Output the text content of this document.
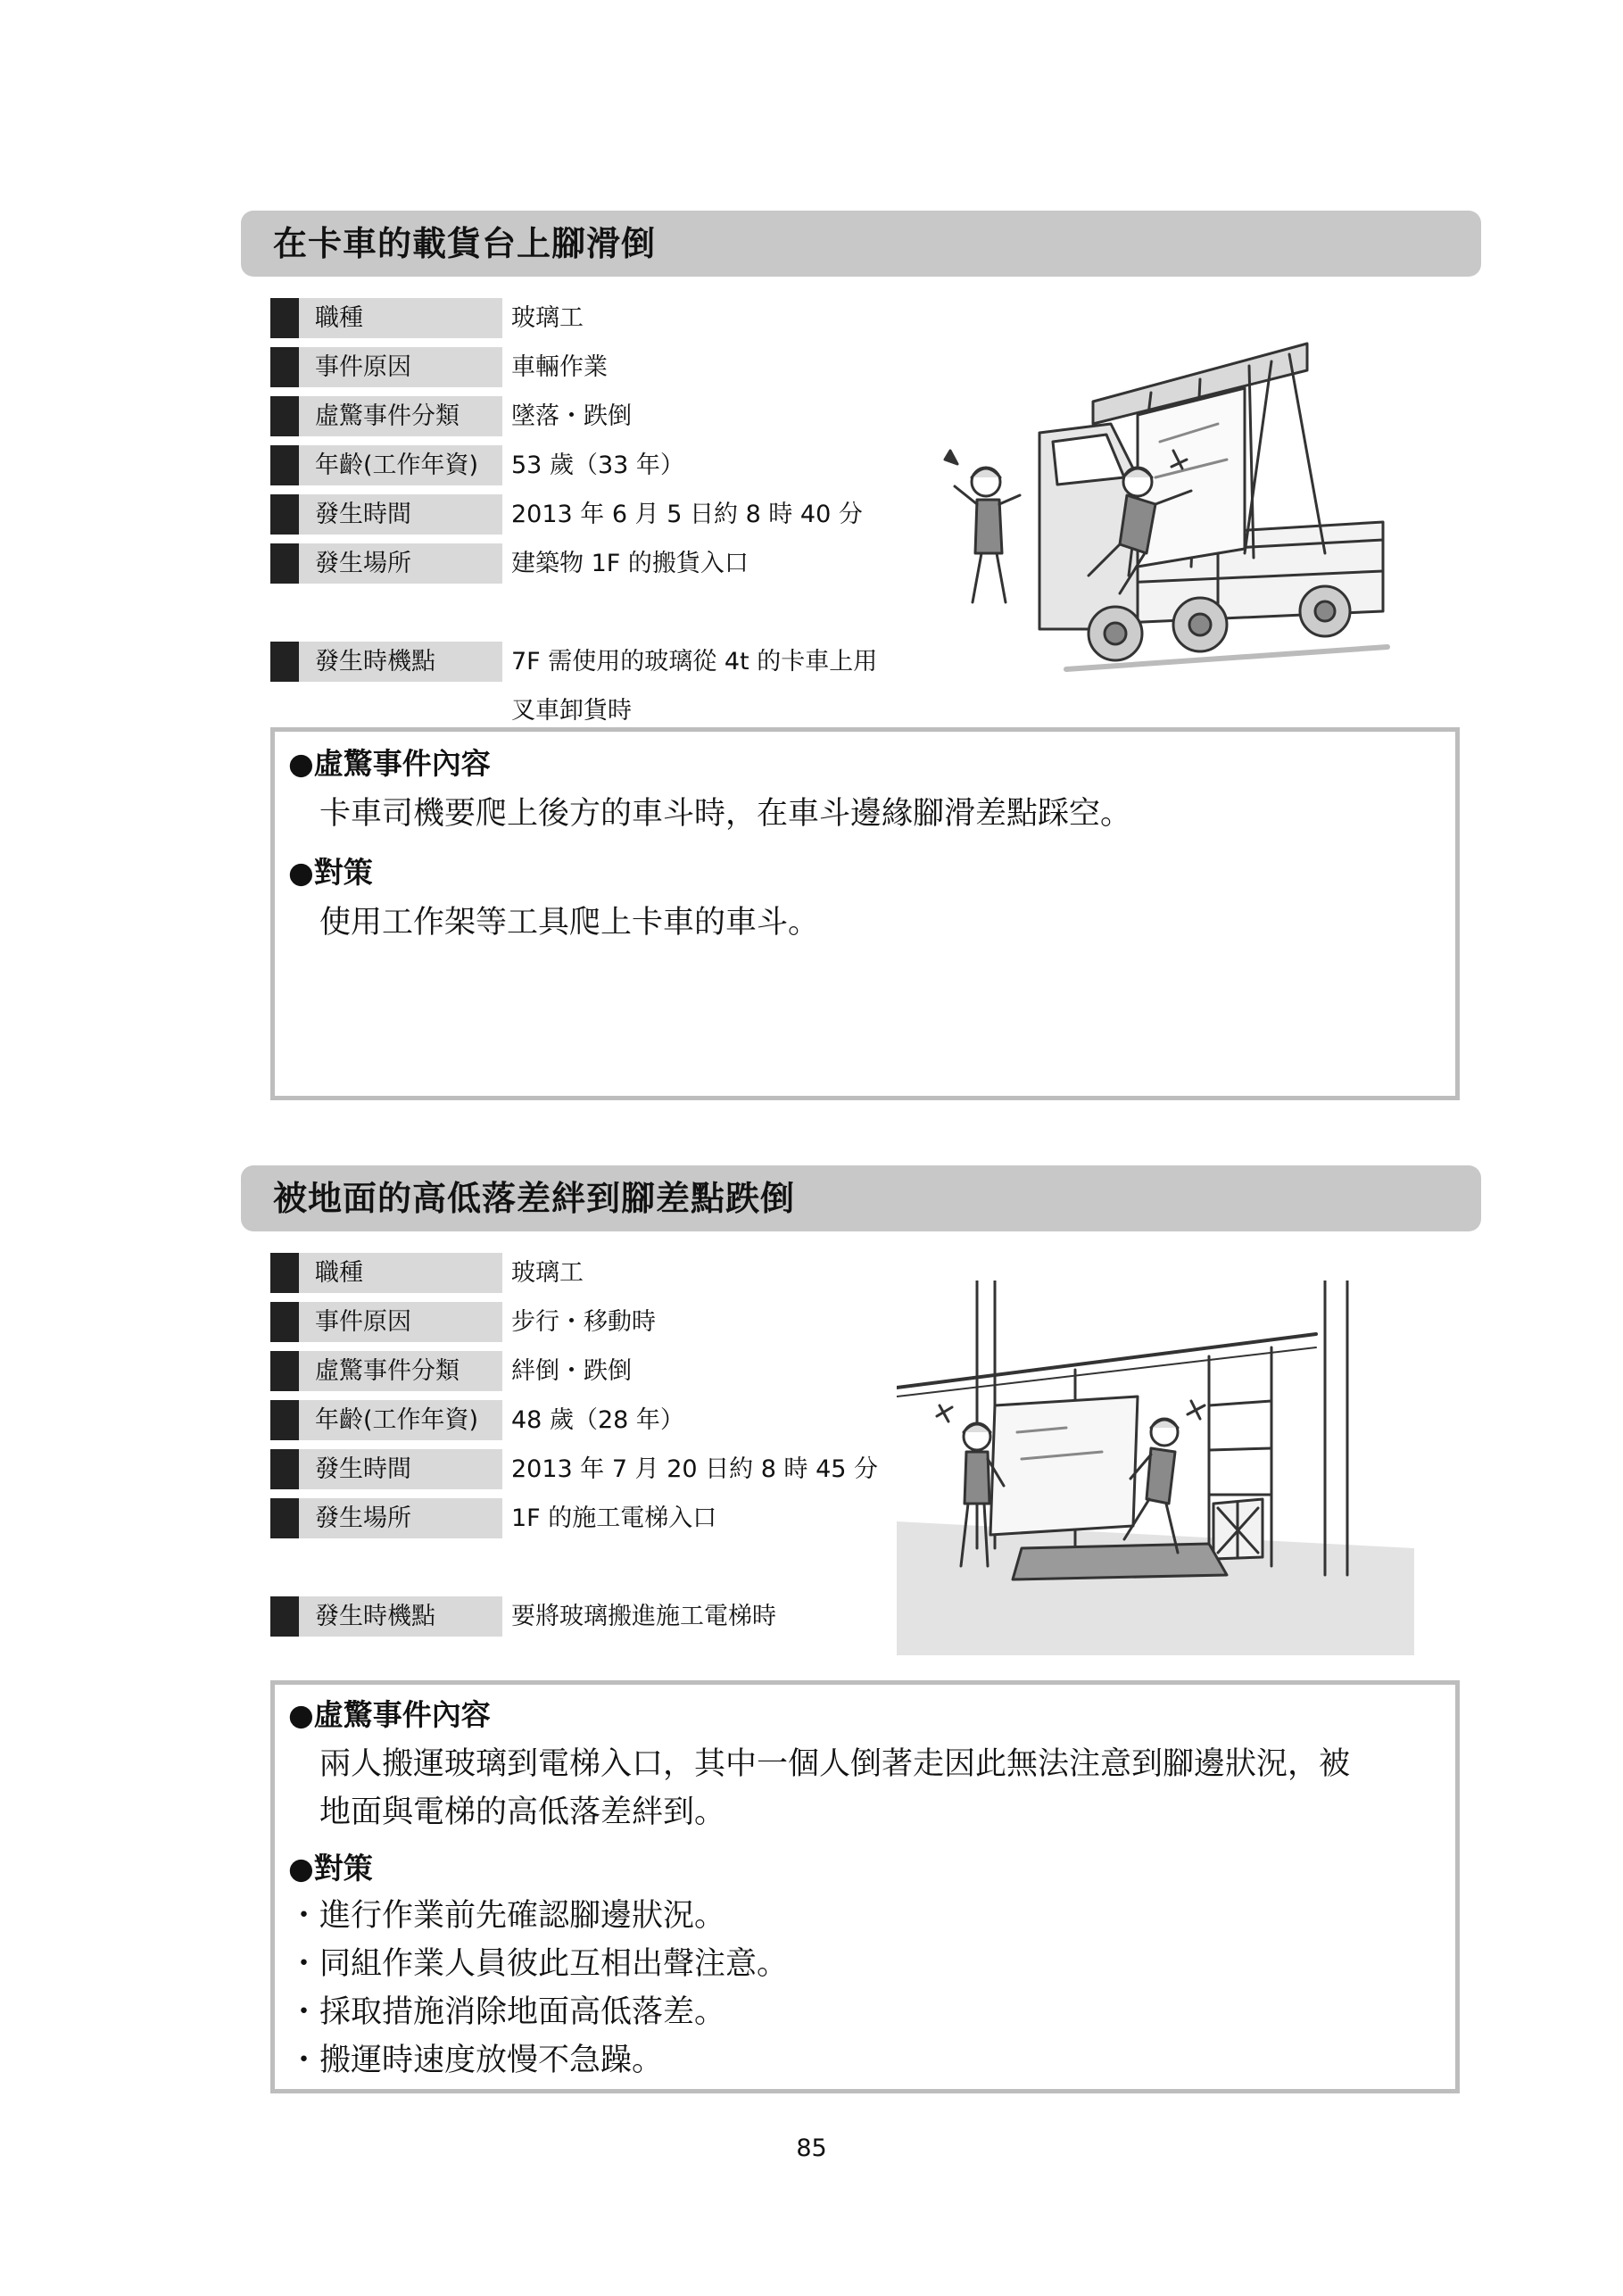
在卡車的載貨台上腳滑倒
職種	玻璃工
事件原因	車輛作業
虛驚事件分類	墜落・跌倒
年齡(工作年資)	53 歲（33 年）
發生時間	2013 年 6 月 5 日約 8 時 40 分
發生場所	建築物 1F 的搬貨入口
發生時機點	7F 需使用的玻璃從 4t 的卡車上用
叉車卸貨時
●虛驚事件內容
卡車司機要爬上後方的車斗時，在車斗邊緣腳滑差點踩空。
●對策
使用工作架等工具爬上卡車的車斗。
被地面的高低落差絆到腳差點跌倒
職種	玻璃工
事件原因	步行・移動時
虛驚事件分類	絆倒・跌倒
年齡(工作年資)	48 歲（28 年）
發生時間	2013 年 7 月 20 日約 8 時 45 分
發生場所	1F 的施工電梯入口
發生時機點	要將玻璃搬進施工電梯時
●虛驚事件內容
兩人搬運玻璃到電梯入口，其中一個人倒著走因此無法注意到腳邊狀況，被
地面與電梯的高低落差絆到。
●對策
・進行作業前先確認腳邊狀況。
・同組作業人員彼此互相出聲注意。
・採取措施消除地面高低落差。
・搬運時速度放慢不急躁。
85
